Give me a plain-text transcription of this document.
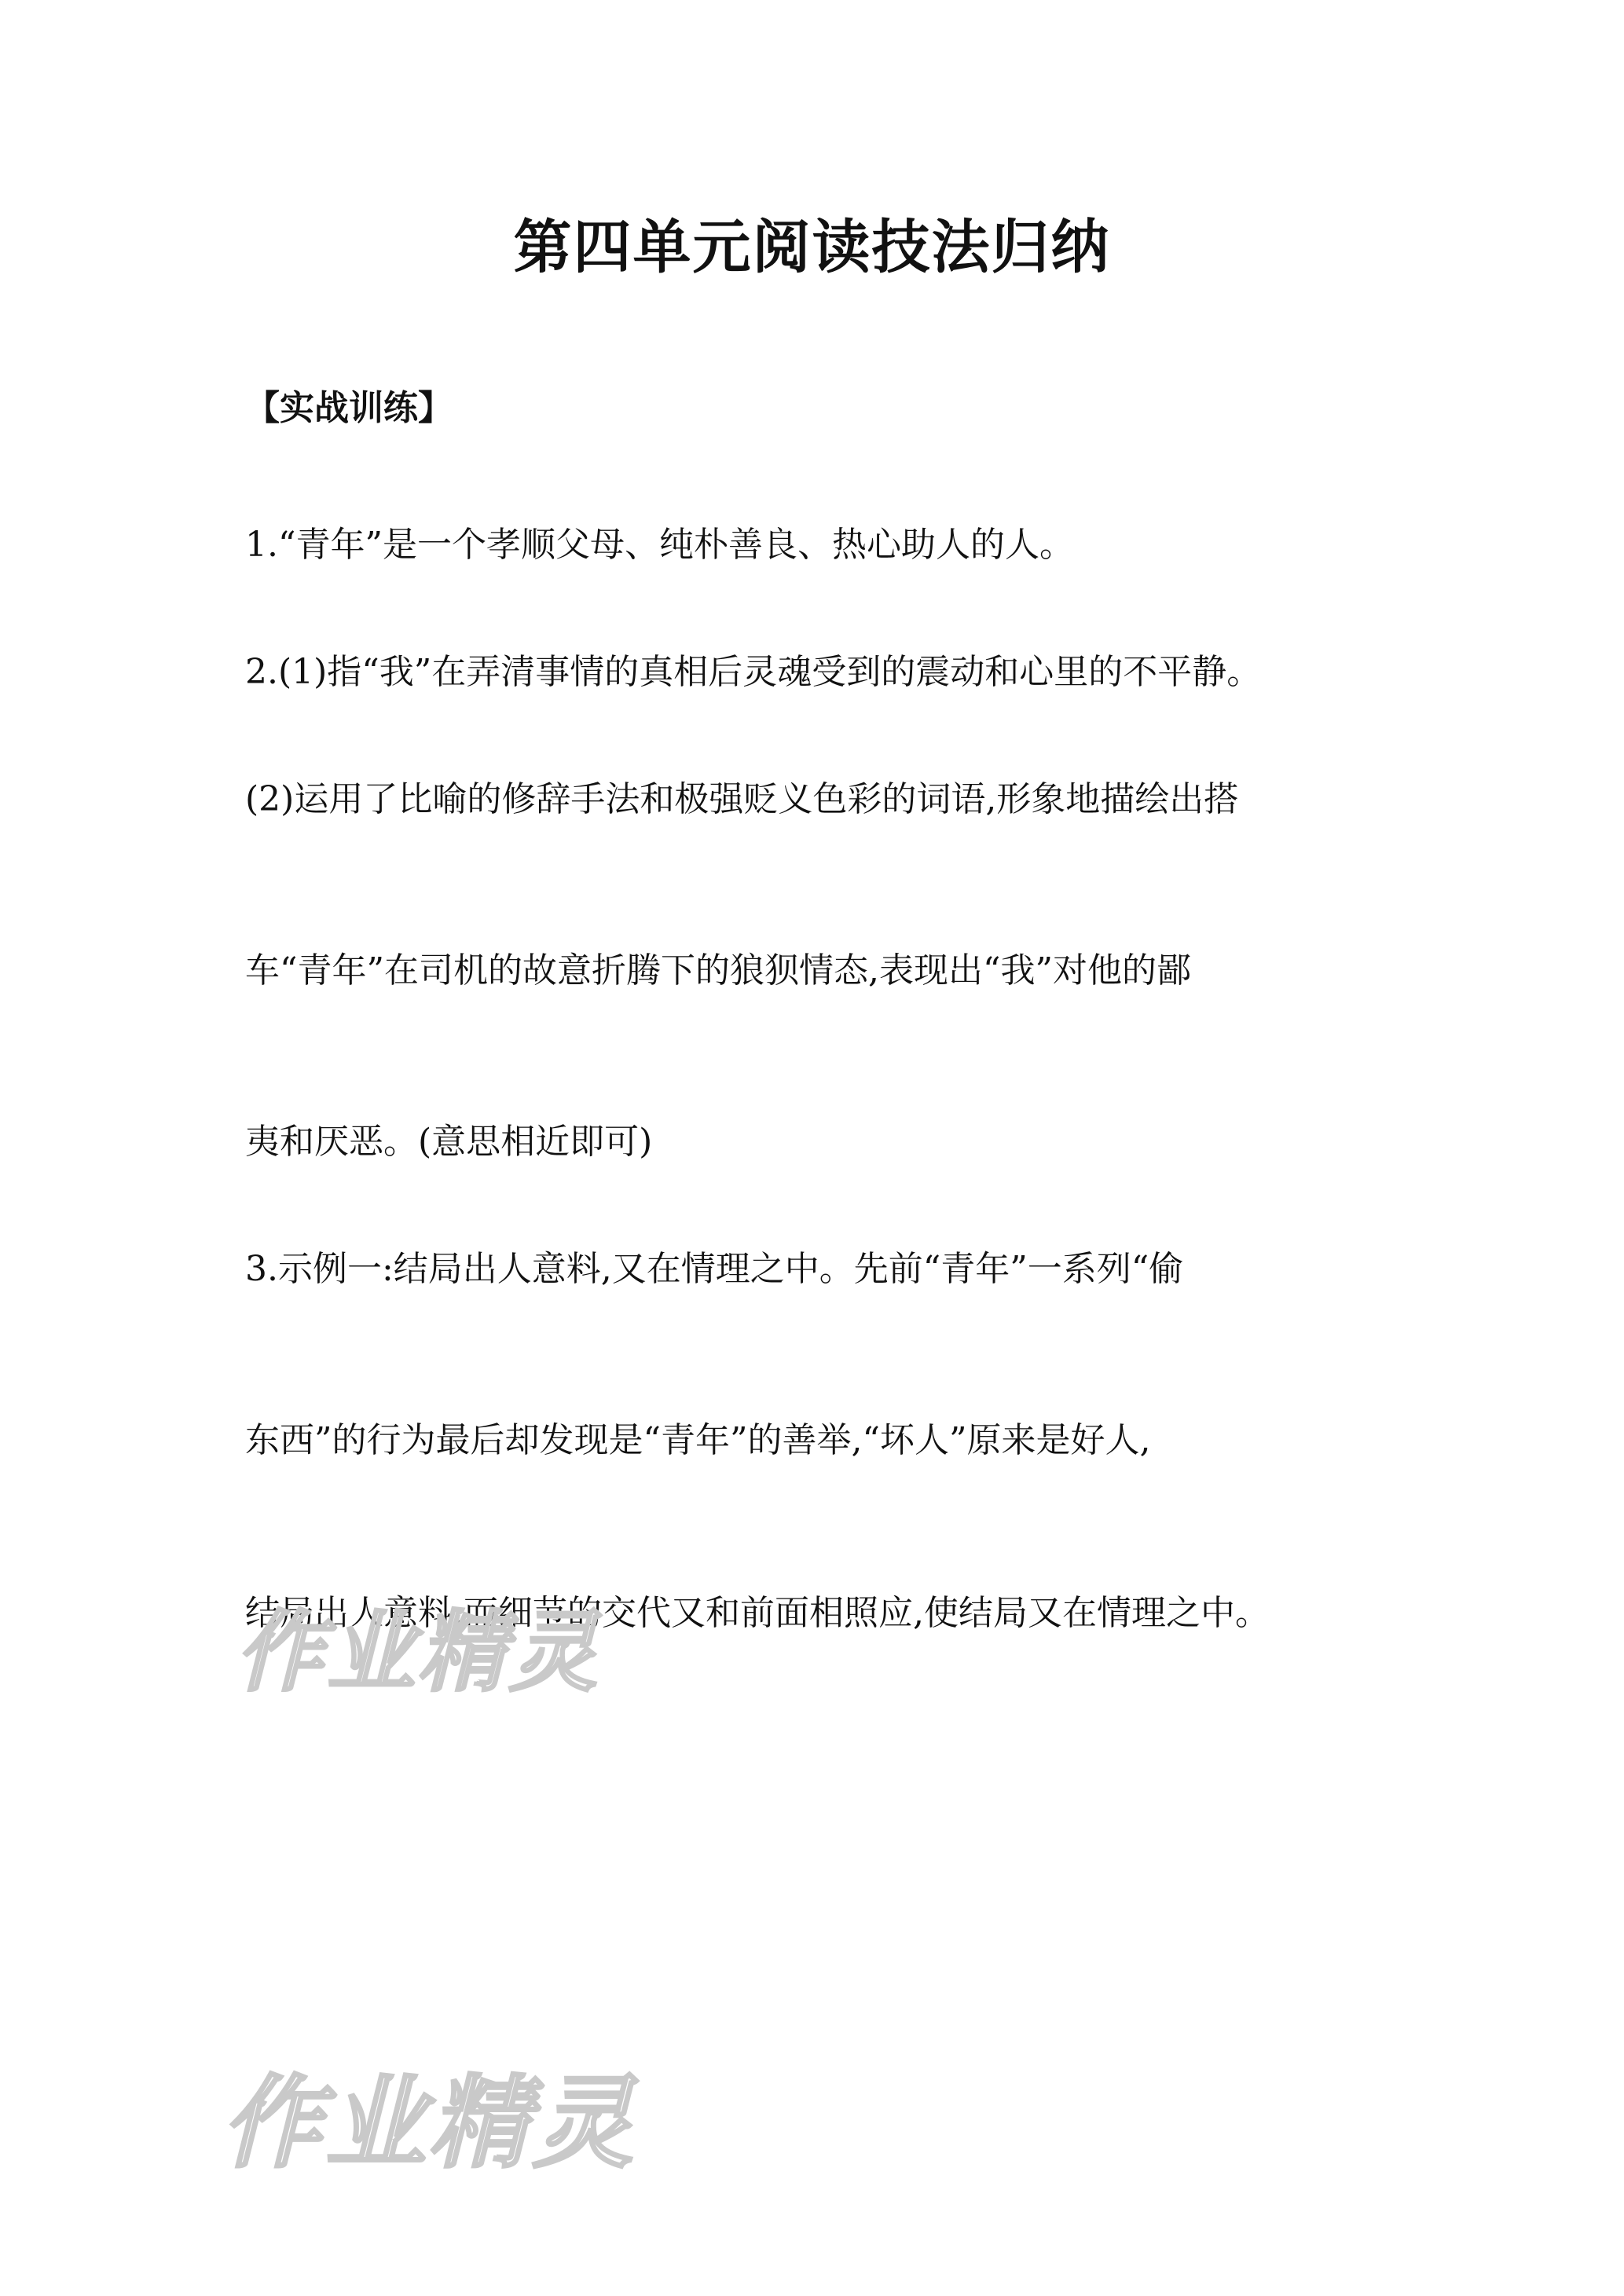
第四单元阅读技法归纳
【实战训练】
1.“青年”是一个孝顺父母、纯朴善良、热心助人的人。
2.(1)指“我”在弄清事情的真相后灵魂受到的震动和心里的不平静。
(2)运用了比喻的修辞手法和极强贬义色彩的词语,形象地描绘出搭
车“青年”在司机的故意折腾下的狼狈情态,表现出“我”对他的鄙
夷和厌恶。(意思相近即可)
3.示例一:结局出人意料,又在情理之中。先前“青年”一系列“偷
东西”的行为最后却发现是“青年”的善举,“坏人”原来是好人,
结局出人意料,而细节的交代又和前面相照应,使结局又在情理之中。
作业精灵
作业精灵
